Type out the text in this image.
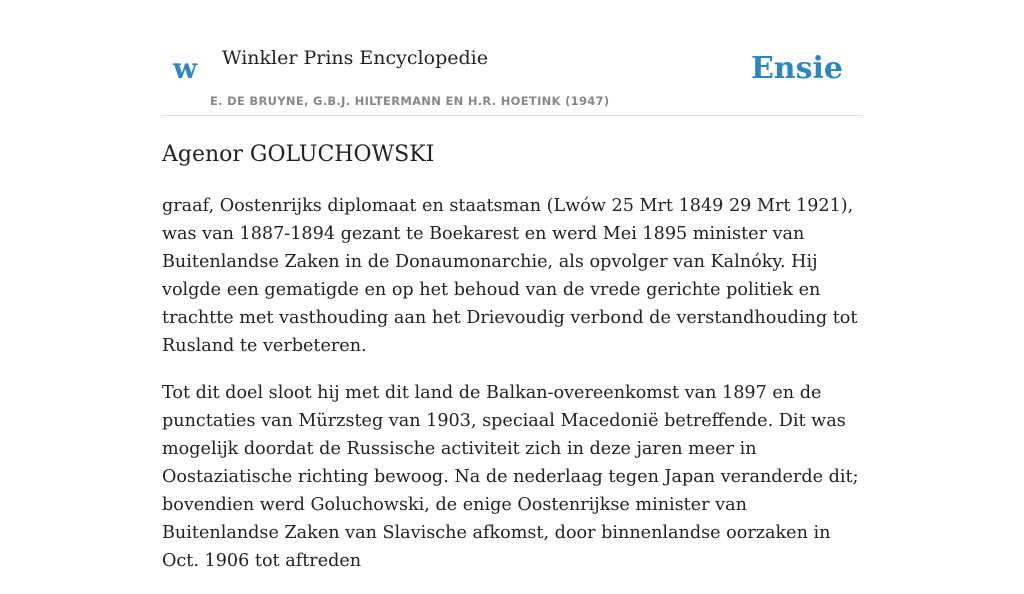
w Winkler Prins Encyclopedie
E. DE BRUYNE, G.B.J. HILTERMANN EN H.R. HOETINK (1947)
Ensie
Agenor GOLUCHOWSKI

graaf, Oostenrijks diplomaat en staatsman (Lwów 25 Mrt 1849 29 Mrt 1921), was van 1887-1894 gezant te Boekarest en werd Mei 1895 minister van Buitenlandse Zaken in de Donaumonarchie, als opvolger van Kalnóky. Hij volgde een gematigde en op het behoud van de vrede gerichte politiek en trachtte met vasthouding aan het Drievoudig verbond de verstandhouding tot Rusland te verbeteren.

Tot dit doel sloot hij met dit land de Balkan-overeenkomst van 1897 en de punctaties van Mürzsteg van 1903, speciaal Macedonië betreffende. Dit was mogelijk doordat de Russische activiteit zich in deze jaren meer in Oostaziatische richting bewoog. Na de nederlaag tegen Japan veranderde dit; bovendien werd Goluchowski, de enige Oostenrijkse minister van Buitenlandse Zaken van Slavische afkomst, door binnenlandse oorzaken in Oct. 1906 tot aftreden
